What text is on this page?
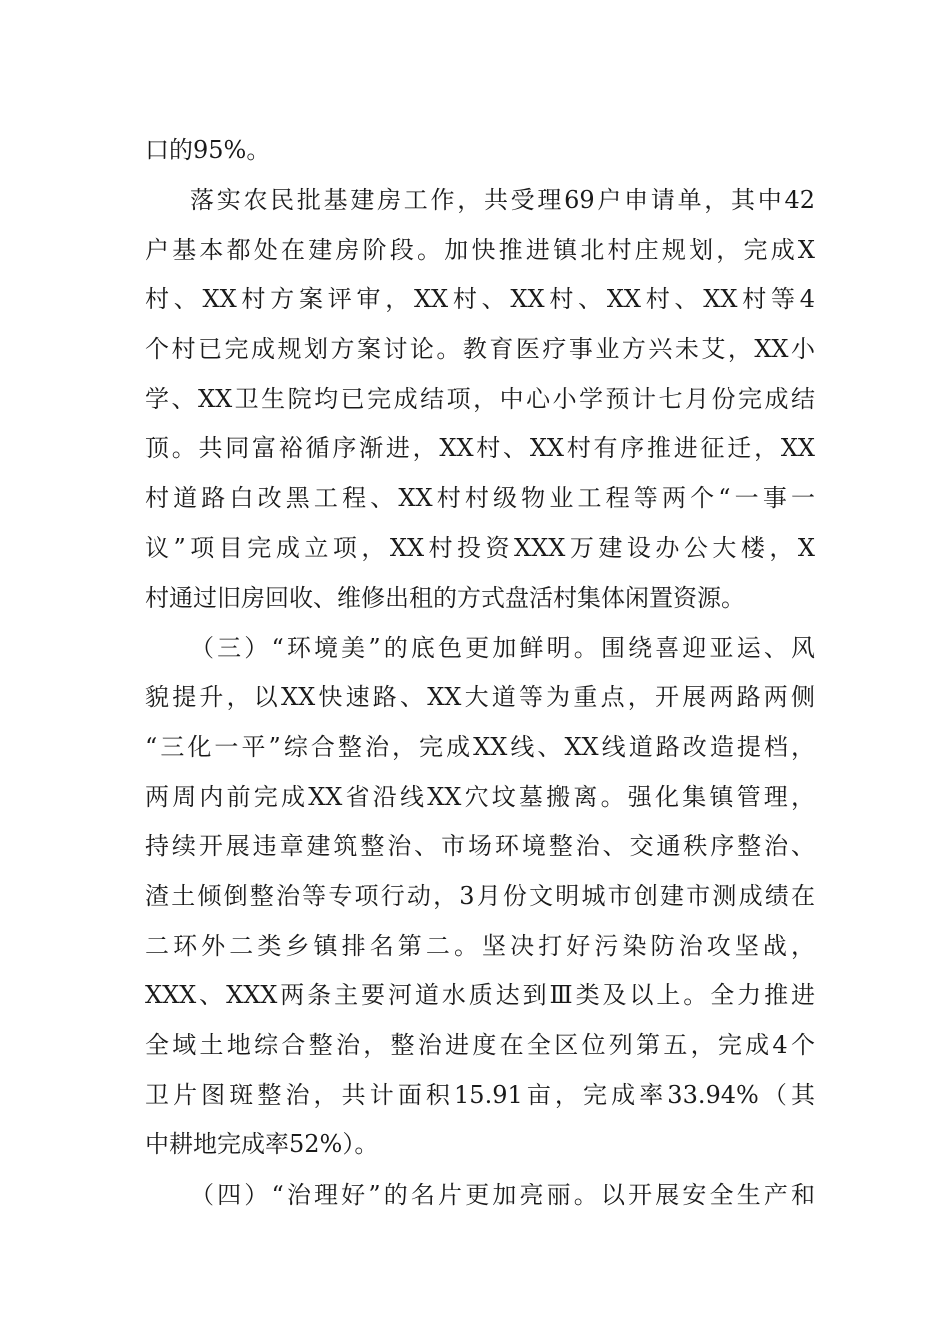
口的95%。
落实农民批基建房工作，共受理69户申请单，其中42
户基本都处在建房阶段。加快推进镇北村庄规划，完成X
村、XX村方案评审，XX村、XX村、XX村、XX村等4
个村已完成规划方案讨论。教育医疗事业方兴未艾，XX小
学、XX卫生院均已完成结项，中心小学预计七月份完成结
顶。共同富裕循序渐进，XX村、XX村有序推进征迁，XX
村道路白改黑工程、XX村村级物业工程等两个“一事一
议”项目完成立项，XX村投资XXX万建设办公大楼，X
村通过旧房回收、维修出租的方式盘活村集体闲置资源。
（三）“环境美”的底色更加鲜明。围绕喜迎亚运、风
貌提升，以XX快速路、XX大道等为重点，开展两路两侧
“三化一平”综合整治，完成XX线、XX线道路改造提档，
两周内前完成XX省沿线XX穴坟墓搬离。强化集镇管理，
持续开展违章建筑整治、市场环境整治、交通秩序整治、
渣土倾倒整治等专项行动，3月份文明城市创建市测成绩在
二环外二类乡镇排名第二。坚决打好污染防治攻坚战，
XXX、XXX两条主要河道水质达到Ⅲ类及以上。全力推进
全域土地综合整治，整治进度在全区位列第五，完成4个
卫片图斑整治，共计面积15.91亩，完成率33.94%（其
中耕地完成率52%）。
（四）“治理好”的名片更加亮丽。以开展安全生产和
